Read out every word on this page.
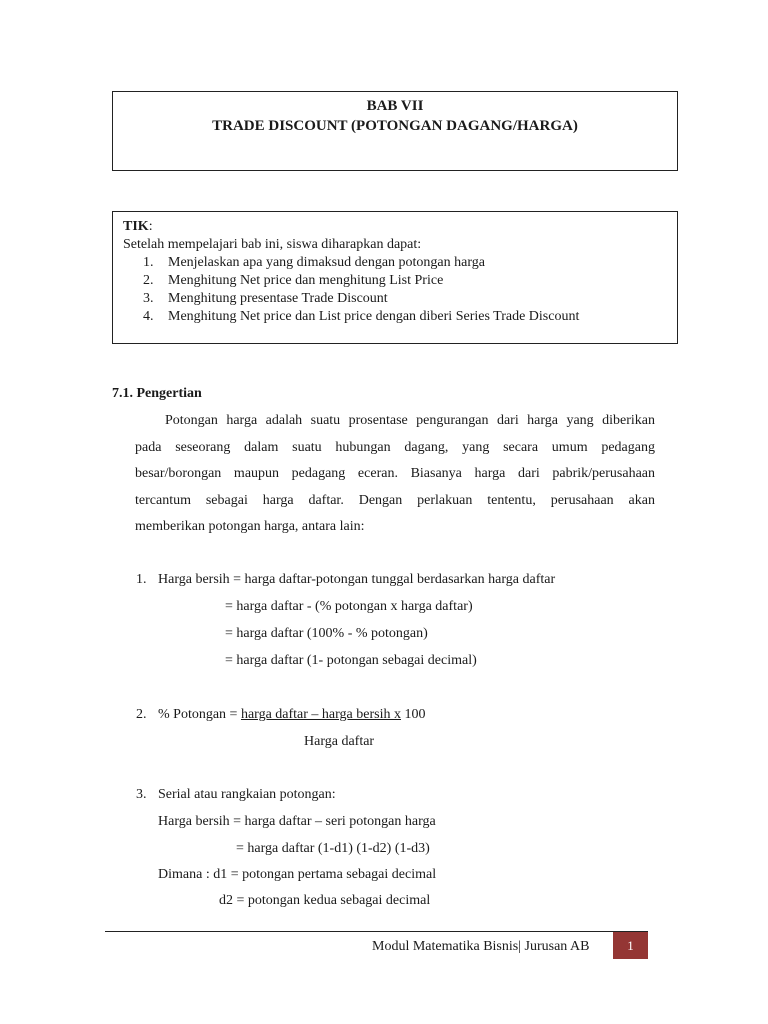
BAB VII
TRADE DISCOUNT (POTONGAN DAGANG/HARGA)
TIK:
Setelah mempelajari bab ini, siswa diharapkan dapat:
1. Menjelaskan apa yang dimaksud dengan potongan harga
2. Menghitung Net price dan menghitung List Price
3. Menghitung presentase Trade Discount
4. Menghitung Net price dan List price dengan diberi Series Trade Discount
7.1. Pengertian
Potongan harga adalah suatu prosentase pengurangan dari harga yang diberikan
pada seseorang dalam suatu hubungan dagang, yang secara umum pedagang
besar/borongan maupun pedagang eceran. Biasanya harga dari pabrik/perusahaan
tercantum sebagai harga daftar. Dengan perlakuan tententu, perusahaan akan
memberikan potongan harga, antara lain:
1. Harga bersih = harga daftar-potongan tunggal berdasarkan harga daftar
= harga daftar - (% potongan x harga daftar)
= harga daftar (100% - % potongan)
= harga daftar (1- potongan sebagai decimal)
2. % Potongan = harga daftar – harga bersih x 100
Harga daftar
3. Serial atau rangkaian potongan:
Harga bersih = harga daftar – seri potongan harga
= harga daftar (1-d1) (1-d2) (1-d3)
Dimana : d1 = potongan pertama sebagai decimal
d2 = potongan kedua sebagai decimal
Modul Matematika Bisnis| Jurusan AB	1
